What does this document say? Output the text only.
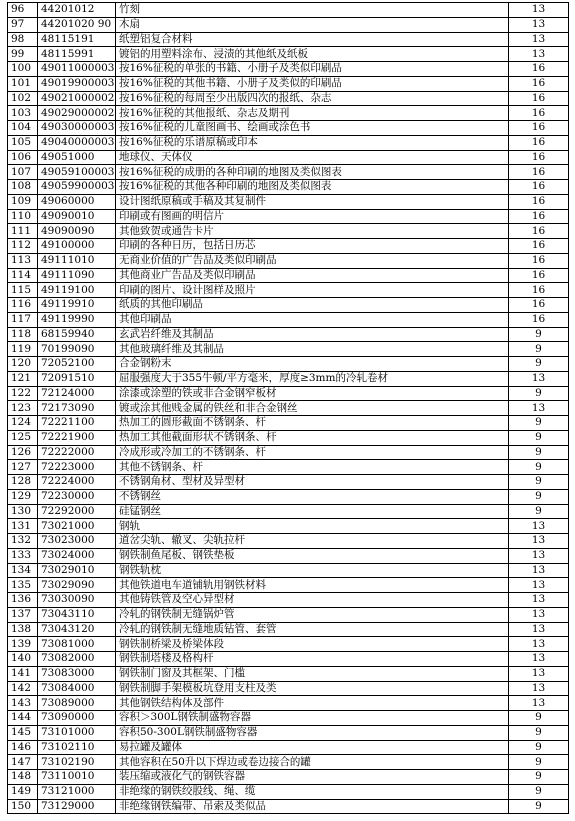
96	44201012	竹刻	13
97	44201020 90	木扇	13
98	48115191	纸塑铝复合材料	13
99	48115991	镀铝的用塑料涂布、浸渍的其他纸及纸板	13
100	49011000003	按16%征税的单张的书籍、小册子及类似印刷品	16
101	49019900003	按16%征税的其他书籍、小册子及类似的印刷品	16
102	49021000002	按16%征税的每周至少出版四次的报纸、杂志	16
103	49029000002	按16%征税的其他报纸、杂志及期刊	16
104	49030000003	按16%征税的儿童图画书、绘画或涂色书	16
105	49040000003	按16%征税的乐谱原稿或印本	16
106	49051000	地球仪、天体仪	16
107	49059100003	按16%征税的成册的各种印刷的地图及类似图表	16
108	49059900003	按16%征税的其他各种印刷的地图及类似图表	16
109	49060000	设计图纸原稿或手稿及其复制件	16
110	49090010	印刷或有图画的明信片	16
111	49090090	其他致贺或通告卡片	16
112	49100000	印刷的各种日历，包括日历芯	16
113	49111010	无商业价值的广告品及类似印刷品	16
114	49111090	其他商业广告品及类似印刷品	16
115	49119100	印刷的图片、设计图样及照片	16
116	49119910	纸质的其他印刷品	16
117	49119990	其他印刷品	16
118	68159940	玄武岩纤维及其制品	9
119	70199090	其他玻璃纤维及其制品	9
120	72052100	合金钢粉末	9
121	72091510	屈服强度大于355牛顿/平方毫米，厚度≥3mm的冷轧卷材	13
122	72124000	涂漆或涂塑的铁或非合金钢窄板材	9
123	72173090	镀或涂其他贱金属的铁丝和非合金钢丝	13
124	72221100	热加工的圆形截面不锈钢条、杆	9
125	72221900	热加工其他截面形状不锈钢条、杆	9
126	72222000	冷成形或冷加工的不锈钢条、杆	9
127	72223000	其他不锈钢条、杆	9
128	72224000	不锈钢角材、型材及异型材	9
129	72230000	不锈钢丝	9
130	72292000	硅锰钢丝	9
131	73021000	钢轨	13
132	73023000	道岔尖轨、辙叉、尖轨拉杆	13
133	73024000	钢铁制鱼尾板、钢铁垫板	13
134	73029010	钢铁轨枕	13
135	73029090	其他铁道电车道铺轨用钢铁材料	13
136	73030090	其他铸铁管及空心异型材	13
137	73043110	冷轧的钢铁制无缝锅炉管	13
138	73043120	冷轧的钢铁制无缝地质钻管、套管	13
139	73081000	钢铁制桥梁及桥梁体段	13
140	73082000	钢铁制塔楼及格构杆	13
141	73083000	钢铁制门窗及其框架、门槛	13
142	73084000	钢铁制脚手架模板坑登用支柱及类	13
143	73089000	其他钢铁结构体及部件	13
144	73090000	容积＞300L钢铁制盛物容器	9
145	73101000	容积50-300L钢铁制盛物容器	9
146	73102110	易拉罐及罐体	9
147	73102190	其他容积在50升以下焊边或卷边接合的罐	9
148	73110010	装压缩或液化气的钢铁容器	9
149	73121000	非绝缘的钢铁绞股线、绳、缆	9
150	73129000	非绝缘钢铁编带、吊索及类似品	9
